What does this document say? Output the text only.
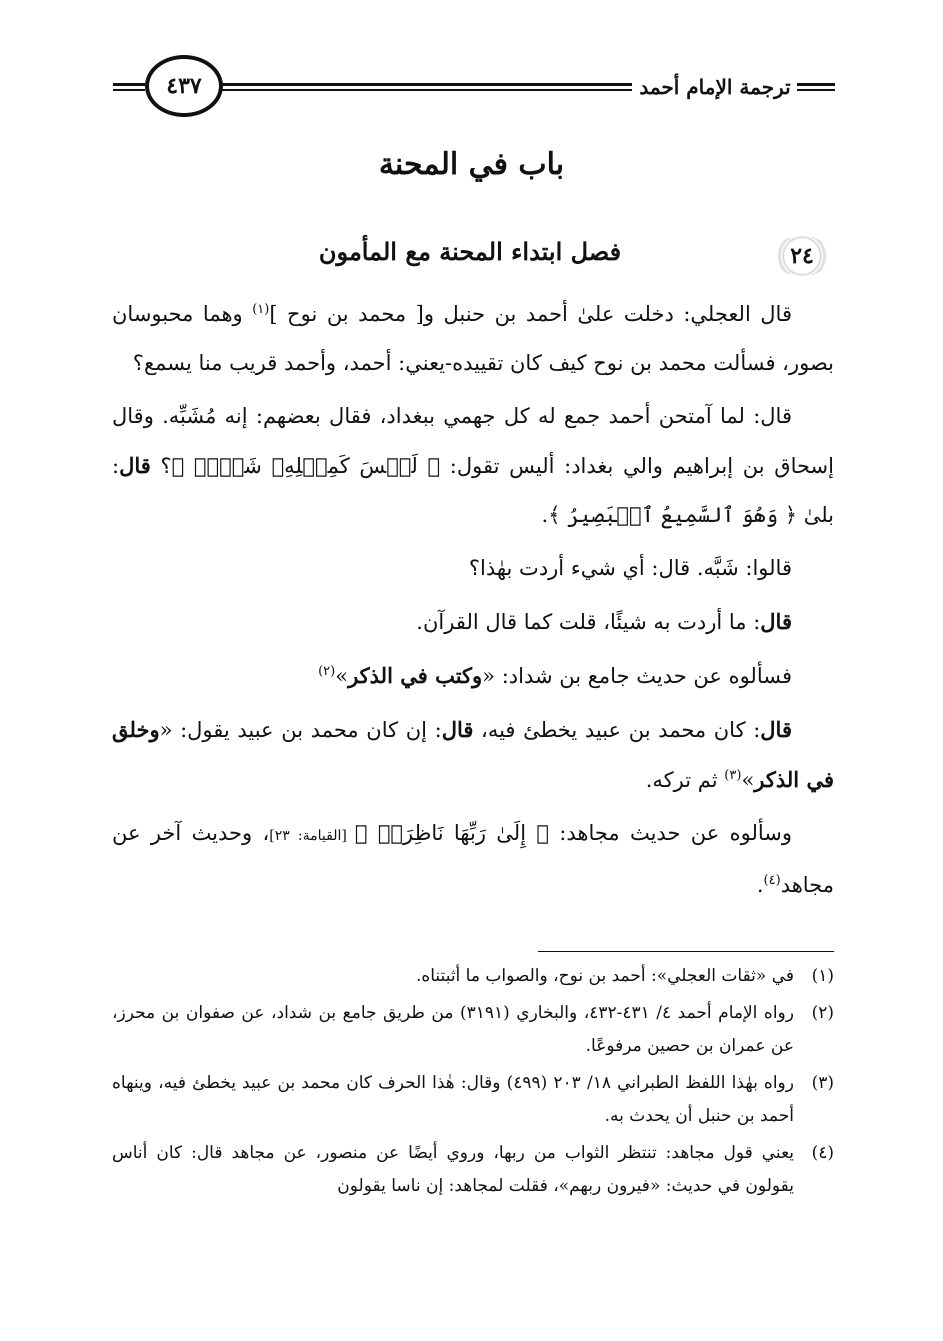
ترجمة الإمام أحمد
٤٣٧
باب في المحنة
٢٤
فصل ابتداء المحنة مع المأمون

قال العجلي: دخلت علىٰ أحمد بن حنبل و[ محمد بن نوح ]$^{(١)}$ وهما محبوسان بصور، فسألت محمد بن نوح كيف كان تقييده-يعني: أحمد، وأحمد قريب منا يسمع؟

قال: لما آمتحن أحمد جمع له كل جهمي ببغداد، فقال بعضهم: إنه مُشَبِّه. وقال إسحاق بن إبراهيم والي بغداد: أليس تقول: ﴿ لَيۡسَ كَمِثۡلِهِۦ شَيۡءٞ ﴾؟ قال: بلىٰ ﴿ وَهُوَ ٱلسَّمِيعُ ٱلۡبَصِيرُ ﴾.

قالوا: شَبَّه. قال: أي شيء أردت بهٰذا؟

قال: ما أردت به شيئًا، قلت كما قال القرآن.

فسألوه عن حديث جامع بن شداد: «وكتب في الذكر»$^{(٢)}$

قال: كان محمد بن عبيد يخطئ فيه، قال: إن كان محمد بن عبيد يقول: «وخلق في الذكر»$^{(٣)}$ ثم تركه.

وسألوه عن حديث مجاهد: ﴿ إِلَىٰ رَبِّهَا نَاظِرَةٞ ﴾ [القيامة: ٢٣]، وحديث آخر عن مجاهد$^{(٤)}$.

(١)
في «ثقات العجلي»: أحمد بن نوح، والصواب ما أثبتناه.
(٢)
رواه الإمام أحمد ٤/ ٤٣١-٤٣٢، والبخاري (٣١٩١) من طريق جامع بن شداد، عن صفوان بن محرز، عن عمران بن حصين مرفوعًا.
(٣)
رواه بهٰذا اللفظ الطبراني ١٨/ ٢٠٣ (٤٩٩) وقال: هٰذا الحرف كان محمد بن عبيد يخطئ فيه، وينهاه أحمد بن حنبل أن يحدث به.
(٤)
يعني قول مجاهد: تنتظر الثواب من ربها، وروي أيضًا عن منصور، عن مجاهد قال: كان أناس يقولون في حديث: «فيرون ربهم»، فقلت لمجاهد: إن ناسا يقولون
